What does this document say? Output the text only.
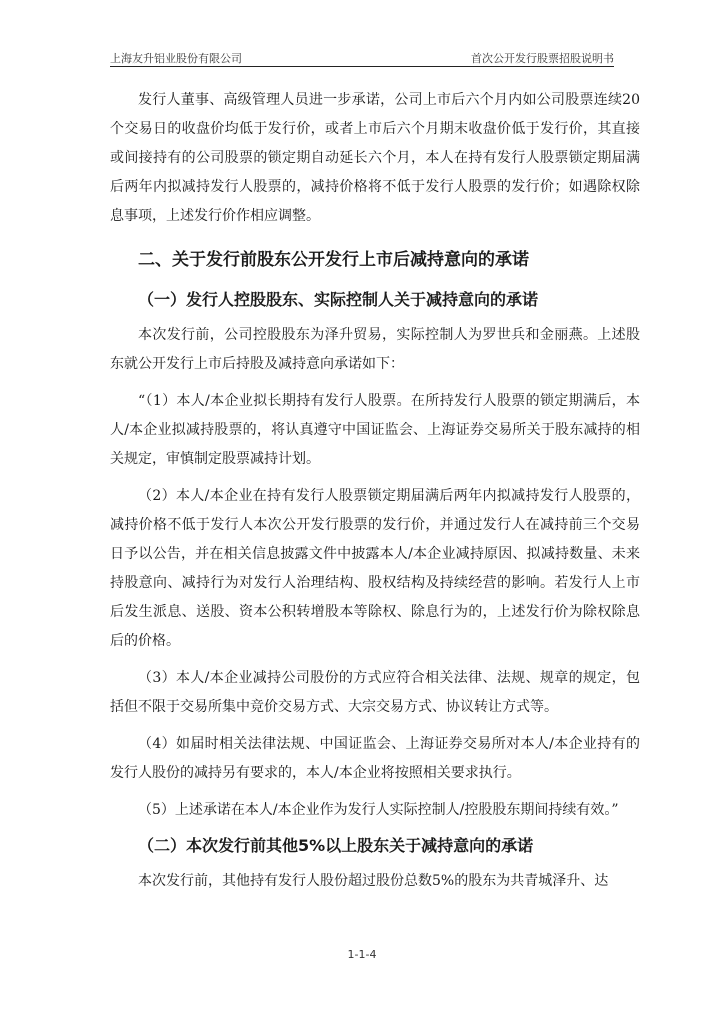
上海友升铝业股份有限公司	首次公开发行股票招股说明书

发行人董事、高级管理人员进一步承诺，公司上市后六个月内如公司股票连续20个交易日的收盘价均低于发行价，或者上市后六个月期末收盘价低于发行价，其直接或间接持有的公司股票的锁定期自动延长六个月，本人在持有发行人股票锁定期届满后两年内拟减持发行人股票的，减持价格将不低于发行人股票的发行价；如遇除权除息事项，上述发行价作相应调整。

二、关于发行前股东公开发行上市后减持意向的承诺
（一）发行人控股股东、实际控制人关于减持意向的承诺

本次发行前，公司控股股东为泽升贸易，实际控制人为罗世兵和金丽燕。上述股东就公开发行上市后持股及减持意向承诺如下：

“（1）本人/本企业拟长期持有发行人股票。在所持发行人股票的锁定期满后，本人/本企业拟减持股票的，将认真遵守中国证监会、上海证券交易所关于股东减持的相关规定，审慎制定股票减持计划。

（2）本人/本企业在持有发行人股票锁定期届满后两年内拟减持发行人股票的，减持价格不低于发行人本次公开发行股票的发行价，并通过发行人在减持前三个交易日予以公告，并在相关信息披露文件中披露本人/本企业减持原因、拟减持数量、未来持股意向、减持行为对发行人治理结构、股权结构及持续经营的影响。若发行人上市后发生派息、送股、资本公积转增股本等除权、除息行为的，上述发行价为除权除息后的价格。

（3）本人/本企业减持公司股份的方式应符合相关法律、法规、规章的规定，包括但不限于交易所集中竞价交易方式、大宗交易方式、协议转让方式等。

（4）如届时相关法律法规、中国证监会、上海证券交易所对本人/本企业持有的发行人股份的减持另有要求的，本人/本企业将按照相关要求执行。

（5）上述承诺在本人/本企业作为发行人实际控制人/控股股东期间持续有效。”

（二）本次发行前其他5%以上股东关于减持意向的承诺

本次发行前，其他持有发行人股份超过股份总数5%的股东为共青城泽升、达

1-1-4
